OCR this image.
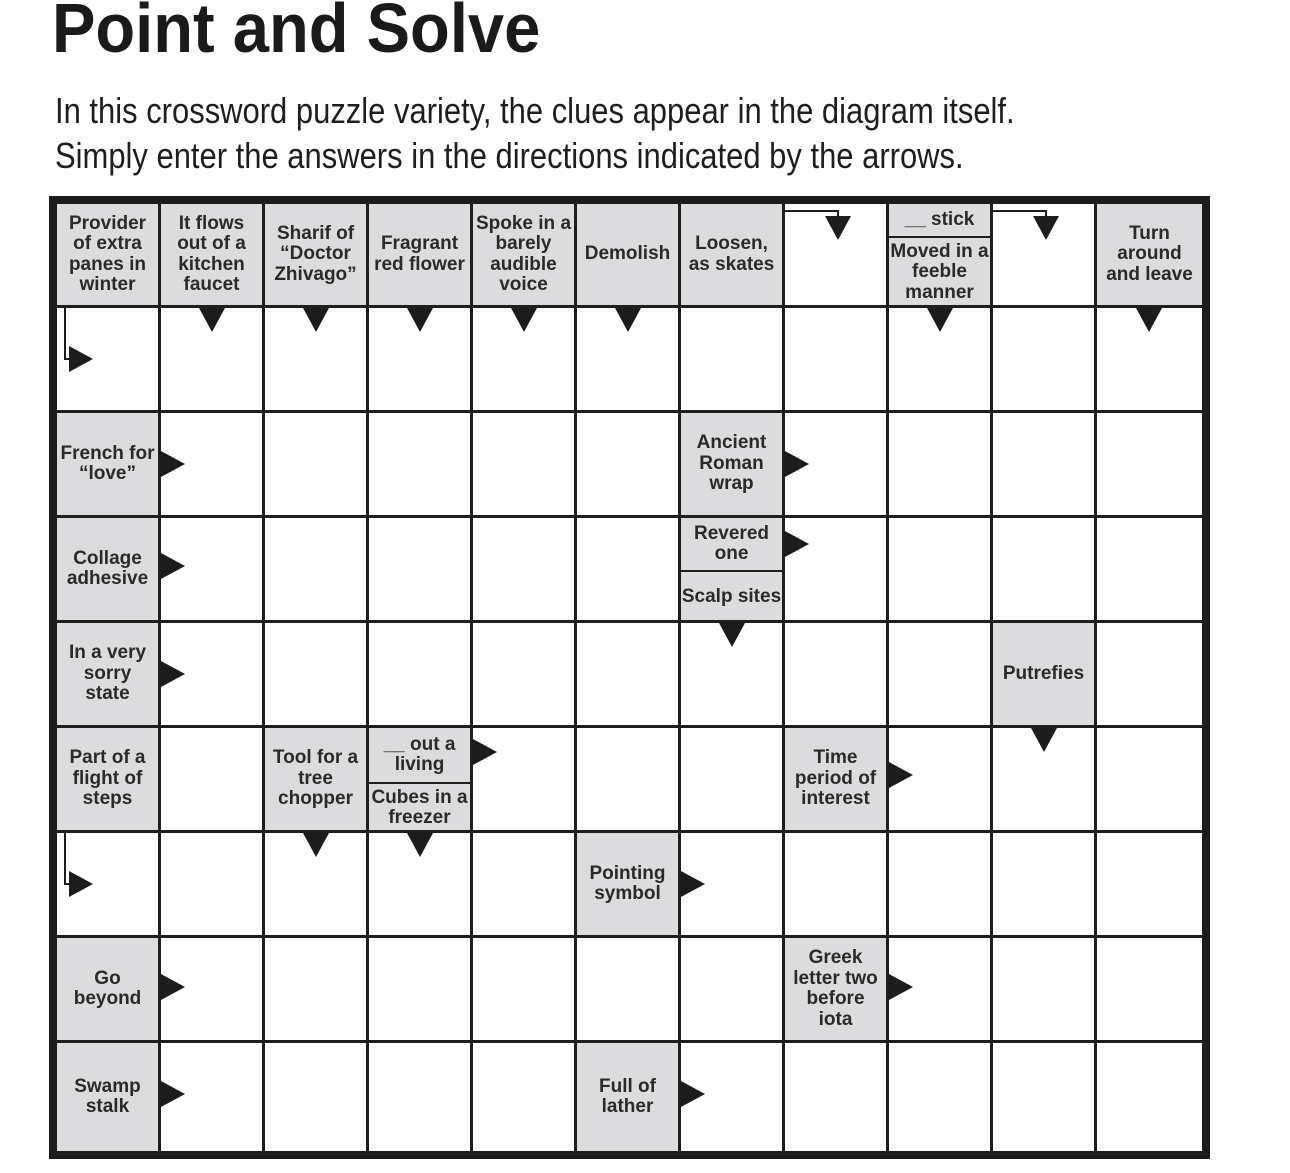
Point and Solve
In this crossword puzzle variety, the clues appear in the diagram itself.
Simply enter the answers in the directions indicated by the arrows.
Provider of extra panes in winter
It flows out of a kitchen faucet
Sharif of “Doctor Zhivago”
Fragrant red flower
Spoke in a barely audible voice
Demolish	Loosen, as skates
__ stick
Moved in a feeble manner
Turn around and leave
French for “love”
Ancient Roman wrap
Collage adhesive
Revered one
Scalp sites
In a very sorry state
Putrefies
Part of a flight of steps
Tool for a tree chopper
__ out a living
Cubes in a freezer
Time period of interest
Pointing symbol
Go beyond
Greek letter two before iota
Swamp stalk
Full of lather
